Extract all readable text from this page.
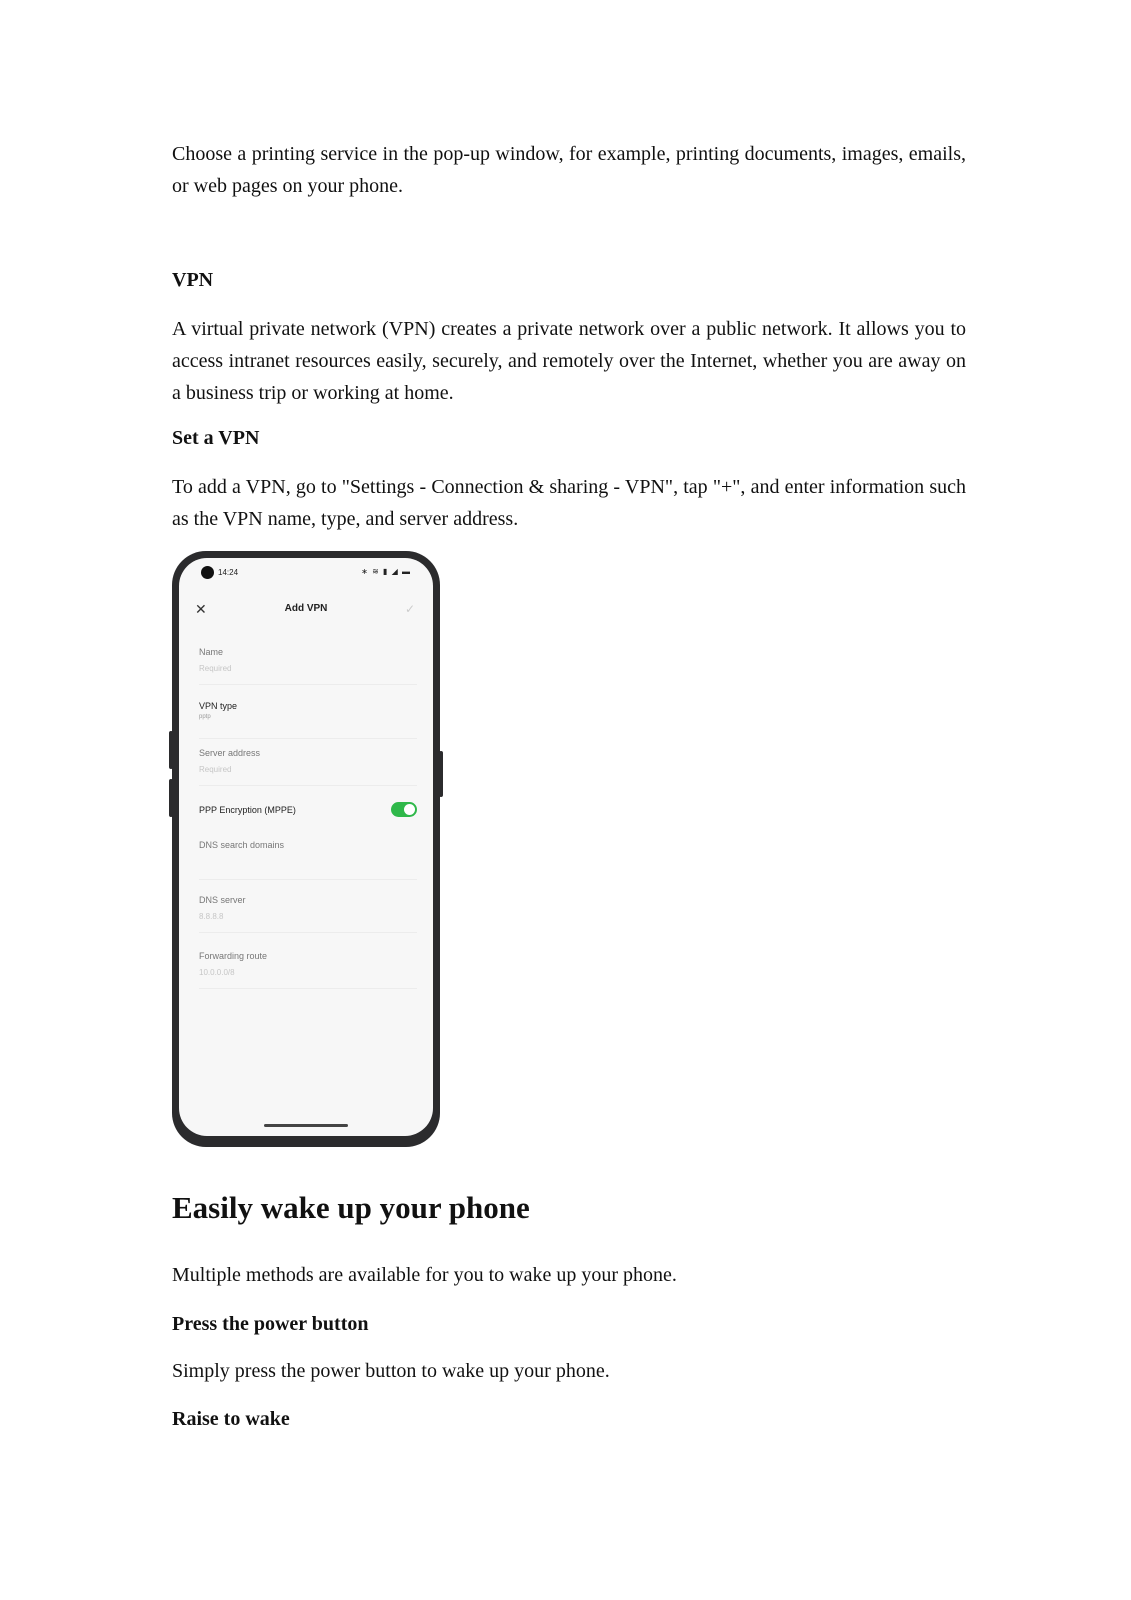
Choose a printing service in the pop-up window, for example, printing documents, images, emails, or web pages on your phone.

VPN

A virtual private network (VPN) creates a private network over a public network. It allows you to access intranet resources easily, securely, and remotely over the Internet, whether you are away on a business trip or working at home.

Set a VPN

To add a VPN, go to "Settings - Connection & sharing - VPN", tap "+", and enter information such as the VPN name, type, and server address.

14:24	∗ ≋ ▮ ◢ ▬
✕	Add VPN	✓
Name
Required
VPN type
pptp
Server address
Required
PPP Encryption (MPPE)
DNS search domains
DNS server
8.8.8.8
Forwarding route
10.0.0.0/8
Easily wake up your phone

Multiple methods are available for you to wake up your phone.

Press the power button

Simply press the power button to wake up your phone.

Raise to wake
